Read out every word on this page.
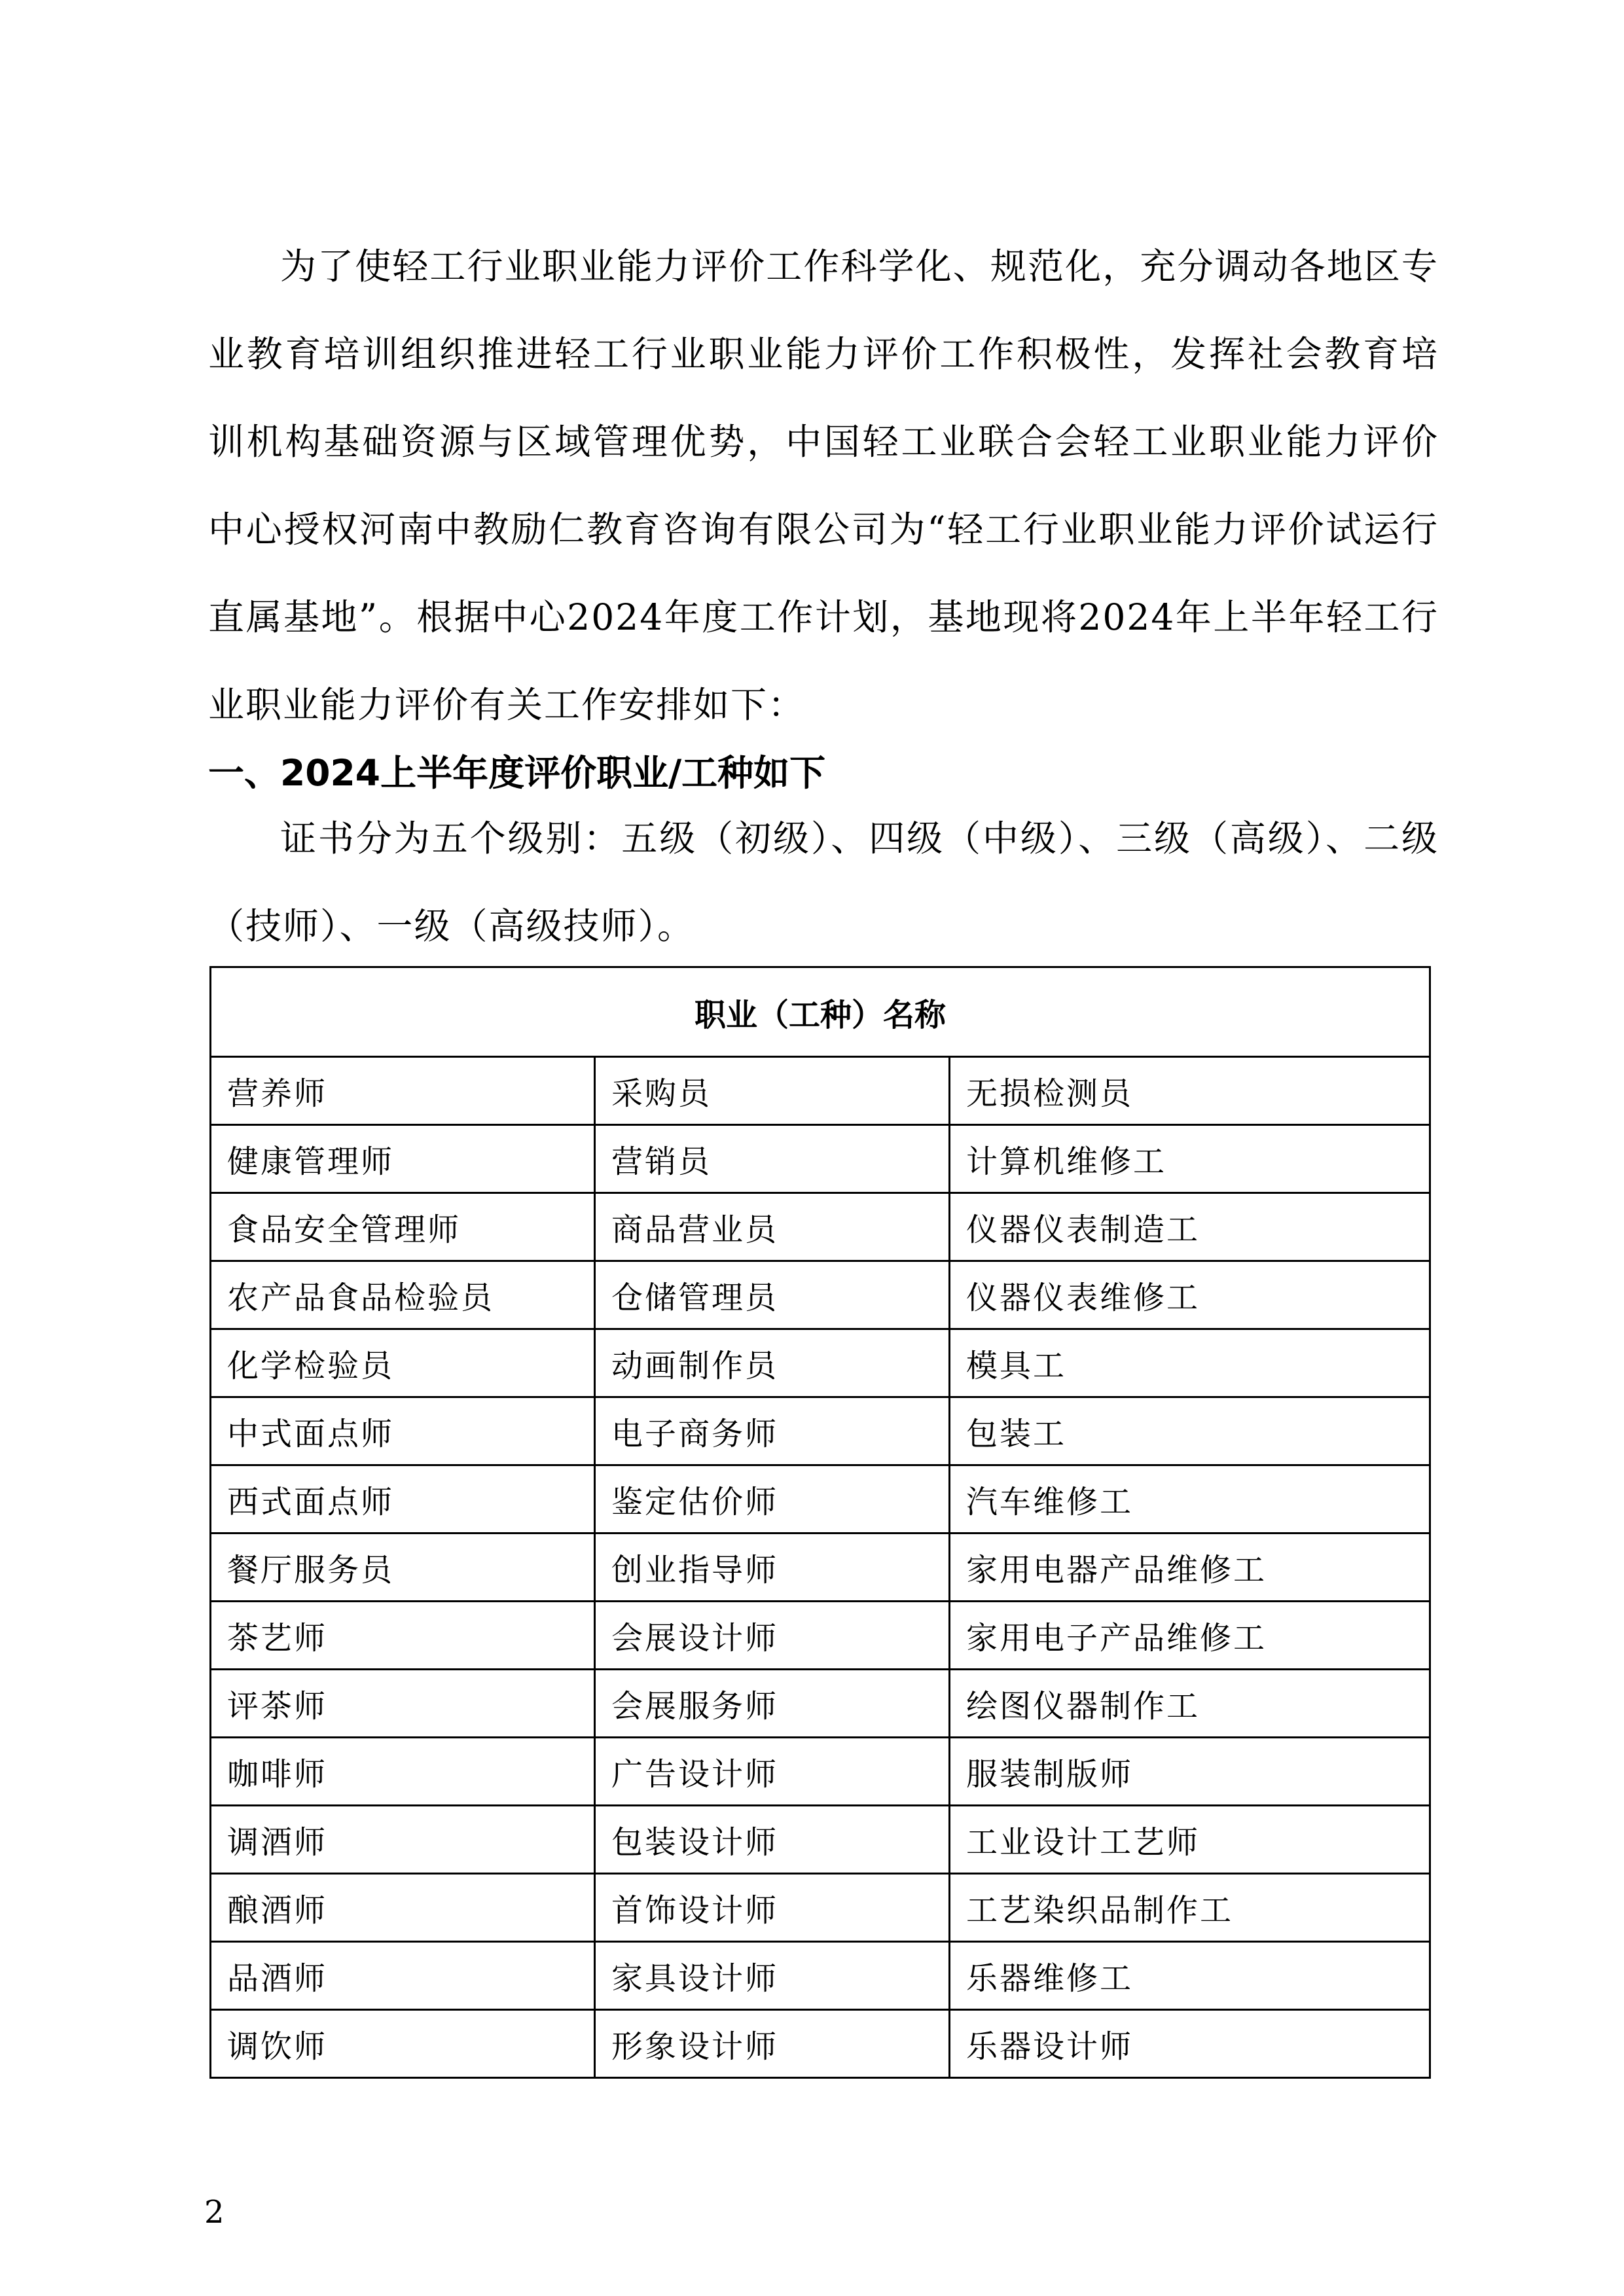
为了使轻工行业职业能力评价工作科学化、规范化，充分调动各地区专业教育培训组织推进轻工行业职业能力评价工作积极性，发挥社会教育培训机构基础资源与区域管理优势，中国轻工业联合会轻工业职业能力评价中心授权河南中教励仁教育咨询有限公司为“轻工行业职业能力评价试运行直属基地”。根据中心2024年度工作计划，基地现将2024年上半年轻工行业职业能力评价有关工作安排如下：

一、2024上半年度评价职业/工种如下

证书分为五个级别：五级（初级）、四级（中级）、三级（高级）、二级（技师）、一级（高级技师）。

职业（工种）名称		
营养师	采购员	无损检测员
健康管理师	营销员	计算机维修工
食品安全管理师	商品营业员	仪器仪表制造工
农产品食品检验员	仓储管理员	仪器仪表维修工
化学检验员	动画制作员	模具工
中式面点师	电子商务师	包装工
西式面点师	鉴定估价师	汽车维修工
餐厅服务员	创业指导师	家用电器产品维修工
茶艺师	会展设计师	家用电子产品维修工
评茶师	会展服务师	绘图仪器制作工
咖啡师	广告设计师	服装制版师
调酒师	包装设计师	工业设计工艺师
酿酒师	首饰设计师	工艺染织品制作工
品酒师	家具设计师	乐器维修工
调饮师	形象设计师	乐器设计师
2
